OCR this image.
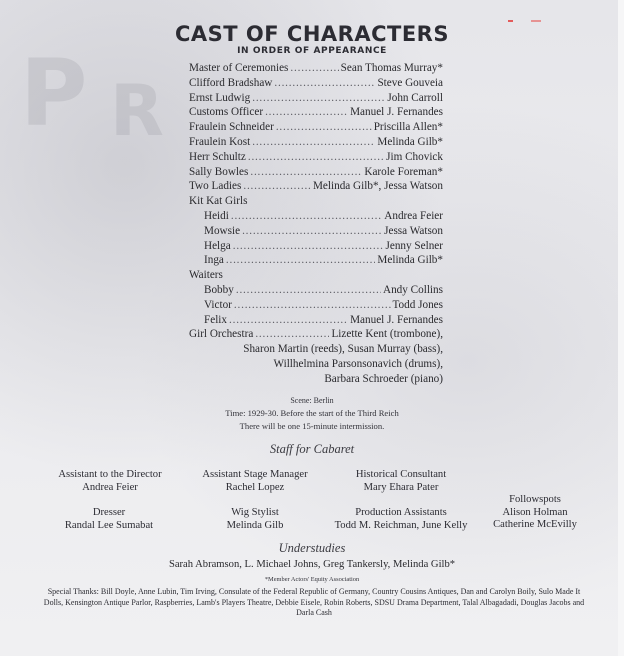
P R
CAST OF CHARACTERS
IN ORDER OF APPEARANCE
Master of Ceremonies . . .	Sean Thomas Murray*
Clifford Bradshaw . . .	Steve Gouveia
Ernst Ludwig . . .	John Carroll
Customs Officer . . .	Manuel J. Fernandes
Fraulein Schneider . . .	Priscilla Allen*
Fraulein Kost . . .	Melinda Gilb*
Herr Schultz . . .	Jim Chovick
Sally Bowles . . .	Karole Foreman*
Two Ladies . . .	Melinda Gilb*, Jessa Watson
Kit Kat Girls
Heidi . . .	Andrea Feier
Mowsie . . .	Jessa Watson
Helga . . .	Jenny Selner
Inga . . .	Melinda Gilb*
Waiters
Bobby . . .	Andy Collins
Victor . . .	Todd Jones
Felix . . .	Manuel J. Fernandes
Girl Orchestra . . .	Lizette Kent (trombone),
Sharon Martin (reeds), Susan Murray (bass),
Willhelmina Parsonsonavich (drums),
Barbara Schroeder (piano)
Scene: Berlin
Time: 1929-30. Before the start of the Third Reich
There will be one 15-minute intermission.
Staff for Cabaret
Assistant to the Director
Andrea Feier
Assistant Stage Manager
Rachel Lopez
Historical Consultant
Mary Ehara Pater
Dresser
Randal Lee Sumabat
Wig Stylist
Melinda Gilb
Production Assistants
Todd M. Reichman, June Kelly
Followspots
Alison Holman
Catherine McEvilly
Understudies
Sarah Abramson, L. Michael Johns, Greg Tankersly, Melinda Gilb*
*Member Actors' Equity Association
Special Thanks: Bill Doyle, Anne Lubin, Tim Irving, Consulate of the Federal Republic of Germany, Country Cousins Antiques, Dan and Carolyn Boily, Sulo Made It Dolls, Kensington Antique Parlor, Raspberries, Lamb's Players Theatre, Debbie Eisele, Robin Roberts, SDSU Drama Department, Talal Albagadadi, Douglas Jacobs and Darla Cash
